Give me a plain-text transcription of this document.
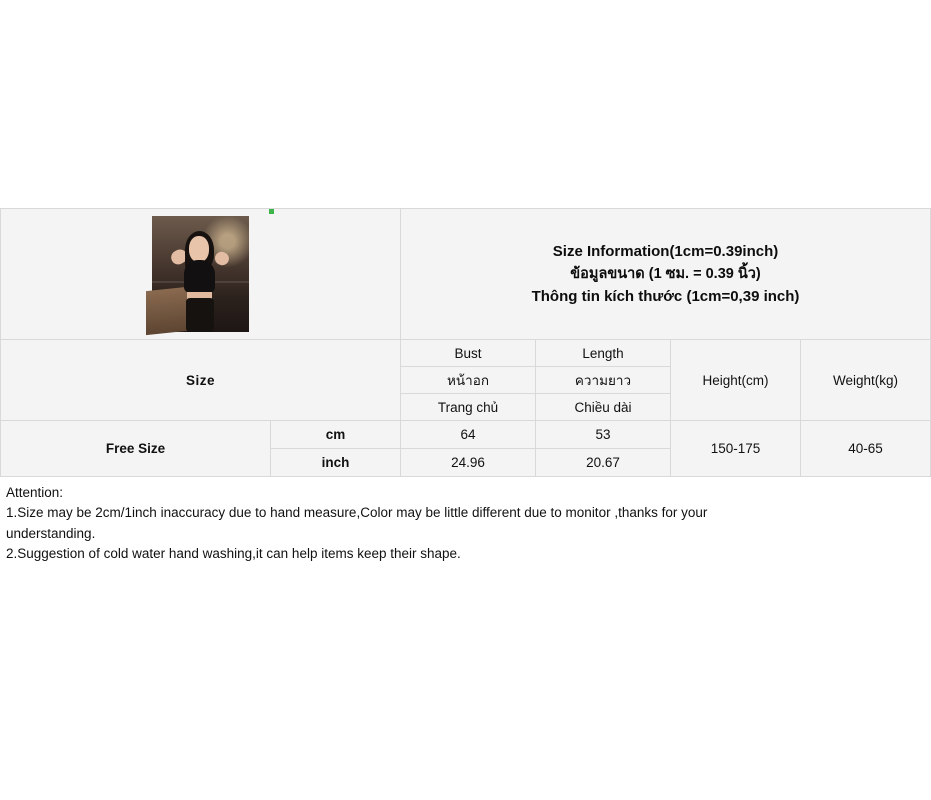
		Size Information(1cm=0.39inch)
ข้อมูลขนาด (1 ซม. = 0.39 นิ้ว)
Thông tin kích thước (1cm=0,39 inch)			

Size		Bust	Length	Height(cm)	Weight(kg)
		หน้าอก	ความยาว		
		Trang chủ	Chiều dài		
Free Size	cm	64	53	150-175	40-65
	inch	24.96	20.67		

Attention:

1.Size may be 2cm/1inch inaccuracy due to hand measure,Color may be little different due to monitor ,thanks for your understanding.

2.Suggestion of cold water hand washing,it can help items keep their shape.
